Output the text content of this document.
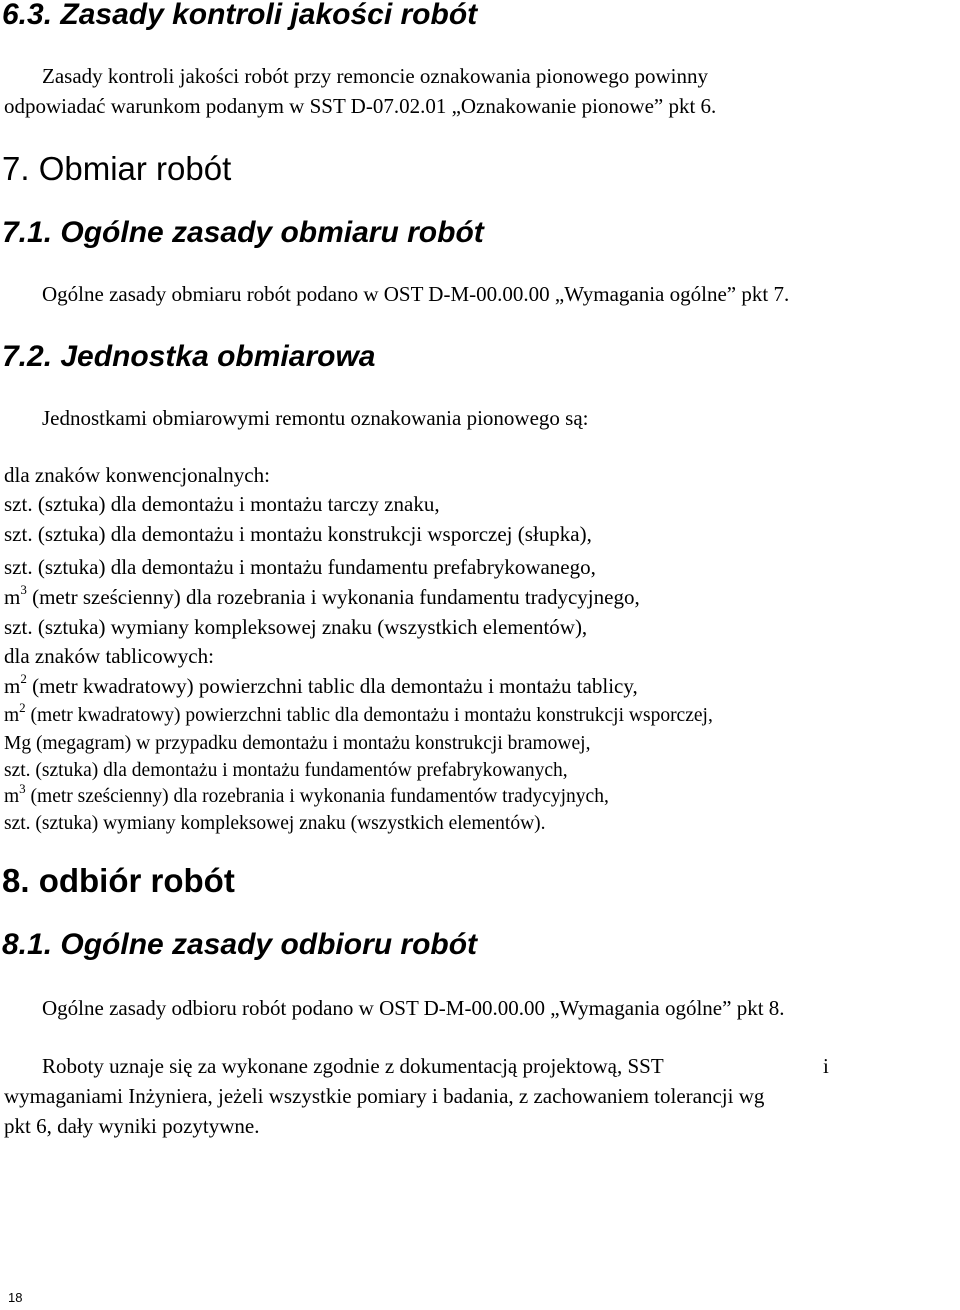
6.3. Zasady kontroli jakości robót
Zasady kontroli jakości robót przy remoncie oznakowania pionowego powinny
odpowiadać warunkom podanym w SST D-07.02.01 „Oznakowanie pionowe” pkt 6.
7. Obmiar robót
7.1. Ogólne zasady obmiaru robót
Ogólne zasady obmiaru robót podano w OST D-M-00.00.00 „Wymagania ogólne” pkt 7.
7.2. Jednostka obmiarowa
Jednostkami obmiarowymi remontu oznakowania pionowego są:
dla znaków konwencjonalnych:
szt. (sztuka) dla demontażu i montażu tarczy znaku,
szt. (sztuka) dla demontażu i montażu konstrukcji wsporczej (słupka),
szt. (sztuka) dla demontażu i montażu fundamentu prefabrykowanego,
$m^3$ (metr sześcienny) dla rozebrania i wykonania fundamentu tradycyjnego,
szt. (sztuka) wymiany kompleksowej znaku (wszystkich elementów),
dla znaków tablicowych:
$m^2$ (metr kwadratowy) powierzchni tablic dla demontażu i montażu tablicy,
$m^2$ (metr kwadratowy) powierzchni tablic dla demontażu i montażu konstrukcji wsporczej,
Mg (megagram) w przypadku demontażu i montażu konstrukcji bramowej,
szt. (sztuka) dla demontażu i montażu fundamentów prefabrykowanych,
$m^3$ (metr sześcienny) dla rozebrania i wykonania fundamentów tradycyjnych,
szt. (sztuka) wymiany kompleksowej znaku (wszystkich elementów).
8. odbiór robót
8.1. Ogólne zasady odbioru robót
Ogólne zasady odbioru robót podano w OST D-M-00.00.00 „Wymagania ogólne” pkt 8.
Roboty uznaje się za wykonane zgodnie z dokumentacją projektową, SST	i
wymaganiami Inżyniera, jeżeli wszystkie pomiary i badania, z zachowaniem tolerancji wg
pkt 6, dały wyniki pozytywne.
18
